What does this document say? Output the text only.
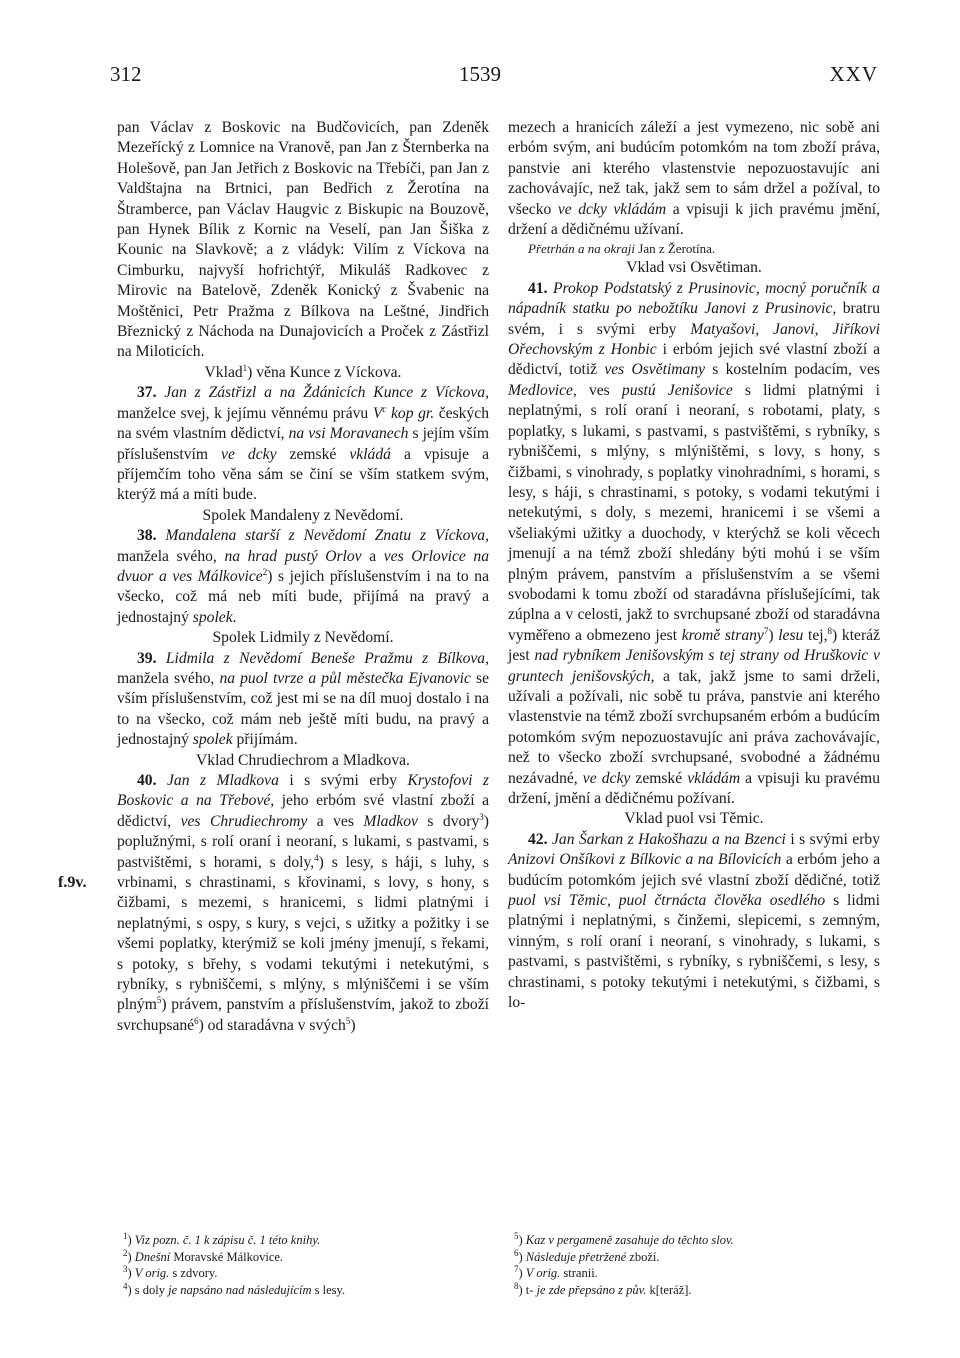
312	1539	XXV
f.9v.

pan Václav z Boskovic na Budčovicích, pan Zdeněk Mezeřícký z Lomnice na Vranově, pan Jan z Šternberka na Holešově, pan Jan Jetřich z Boskovic na Třebíči, pan Jan z Valdštajna na Brtnici, pan Bedřich z Žerotína na Štramberce, pan Václav Haugvic z Biskupic na Bouzově, pan Hynek Bílik z Kornic na Veselí, pan Jan Šiška z Kounic na Slavkově; a z vládyk: Vilím z Víckova na Cimburku, najvyší hofrichtýř, Mikuláš Radkovec z Mirovic na Batelově, Zdeněk Konický z Švabenic na Moštěnici, Petr Pražma z Bílkova na Leštné, Jindřich Březnický z Náchoda na Dunajovicích a Proček z Zástřizl na Miloticích.

Vklad$^1$) věna Kunce z Víckova.

37. Jan z Zástřizl a na Ždánicích Kunce z Víckova, manželce svej, k jejímu věnnému právu $V^c$ kop gr. českých na svém vlastním dědictví, na vsi Moravanech s jejím vším příslušenstvím ve dcky zemské vkládá a vpisuje a příjemčím toho věna sám se činí se vším statkem svým, kterýž má a míti bude.

Spolek Mandaleny z Nevědomí.

38. Mandalena starší z Nevědomí Znatu z Víckova, manžela svého, na hrad pustý Orlov a ves Orlovice na dvuor a ves Málkovice$^2$) s jejich příslušenstvím i na to na všecko, což má neb míti bude, přijímá na pravý a jednostajný spolek.

Spolek Lidmily z Nevědomí.

39. Lidmila z Nevědomí Beneše Pražmu z Bílkova, manžela svého, na puol tvrze a půl městečka Ejvanovic se vším příslušenstvím, což jest mi se na díl muoj dostalo i na to na všecko, což mám neb ještě míti budu, na pravý a jednostajný spolek přijímám.

Vklad Chrudiechrom a Mladkova.

40. Jan z Mladkova i s svými erby Krystofovi z Boskovic a na Třebové, jeho erbóm své vlastní zboží a dědictví, ves Chrudiechromy a ves Mladkov s dvory$^3$) poplužnými, s rolí oraní i neoraní, s lukami, s pastvami, s pastvištěmi, s horami, s doly,$^4$) s lesy, s háji, s luhy, s vrbinami, s chrastinami, s křovinami, s lovy, s hony, s čižbami, s mezemi, s hranicemi, s lidmi platnými i neplatnými, s ospy, s kury, s vejci, s užitky a požitky i se všemi poplatky, kterýmiž se koli jmény jmenují, s řekami, s potoky, s břehy, s vodami tekutými i netekutými, s rybníky, s rybniščemi, s mlýny, s mlýniščemi i se vším plným$^5$) právem, panstvím a příslušenstvím, jakož to zboží svrchupsané$^6$) od staradávna v svých$^5$)

mezech a hranicích záleží a jest vymezeno, nic sobě ani erbóm svým, ani budúcím potomkóm na tom zboží práva, panstvie ani kterého vlastenstvie nepozuostavujíc ani zachovávajíc, než tak, jakž sem to sám držel a požíval, to všecko ve dcky vkládám a vpisuji k jich pravému jmění, držení a dědičnému užívaní.

Přetrhán a na okraji Jan z Žerotína.

Vklad vsi Osvětiman.

41. Prokop Podstatský z Prusinovic, mocný poručník a nápadník statku po nebožtíku Janovi z Prusinovic, bratru svém, i s svými erby Matyašovi, Janovi, Jiříkovi Ořechovským z Honbic i erbóm jejich své vlastní zboží a dědictví, totiž ves Osvětimany s kostelním podacím, ves Medlovice, ves pustú Jenišovice s lidmi platnými i neplatnými, s rolí oraní i neoraní, s robotami, platy, s poplatky, s lukami, s pastvami, s pastvištěmi, s rybníky, s rybniščemi, s mlýny, s mlýništěmi, s lovy, s hony, s čižbami, s vinohrady, s poplatky vinohradními, s horami, s lesy, s háji, s chrastinami, s potoky, s vodami tekutými i netekutými, s doly, s mezemi, hranicemi i se všemi a všeliakými užitky a duochody, v kterýchž se koli věcech jmenují a na témž zboží shledány býti mohú i se vším plným právem, panstvím a příslušenstvím a se všemi svobodami k tomu zboží od staradávna příslušejícími, tak zúplna a v celosti, jakž to svrchupsané zboží od staradávna vyměřeno a obmezeno jest kromě strany$^7$) lesu tej,$^8$) kteráž jest nad rybníkem Jenišovským s tej strany od Hruškovic v gruntech jenišovských, a tak, jakž jsme to sami drželi, užívali a požívali, nic sobě tu práva, panstvie ani kterého vlastenstvie na témž zboží svrchupsaném erbóm a budúcím potomkóm svým nepozuostavujíc ani práva zachovávajíc, než to všecko zboží svrchupsané, svobodné a žádnému nezávadné, ve dcky zemské vkládám a vpisuji ku pravému držení, jmění a dědičnému požívaní.

Vklad puol vsi Těmic.

42. Jan Šarkan z Hakošhazu a na Bzenci i s svými erby Anizovi Onšíkovi z Bílkovic a na Bílovicích a erbóm jeho a budúcím potomkóm jejich své vlastní zboží dědičné, totiž puol vsi Těmic, puol čtrnácta člověka osedlého s lidmi platnými i neplatnými, s činžemi, slepicemi, s zemným, vinným, s rolí oraní i neoraní, s vinohrady, s lukami, s pastvami, s pastvištěmi, s rybníky, s rybniščemi, s lesy, s chrastinami, s potoky tekutými i netekutými, s čižbami, s lo-

$^1$) Viz pozn. č. 1 k zápisu č. 1 této knihy.

$^2$) Dnešní Moravské Málkovice.

$^3$) V orig. s zdvory.

$^4$) s doly je napsáno nad následujícím s lesy.

$^5$) Kaz v pergameně zasahuje do těchto slov.

$^6$) Následuje přetržené zboží.

$^7$) V orig. stranii.

$^8$) t- je zde přepsáno z pův. k[teráž].
